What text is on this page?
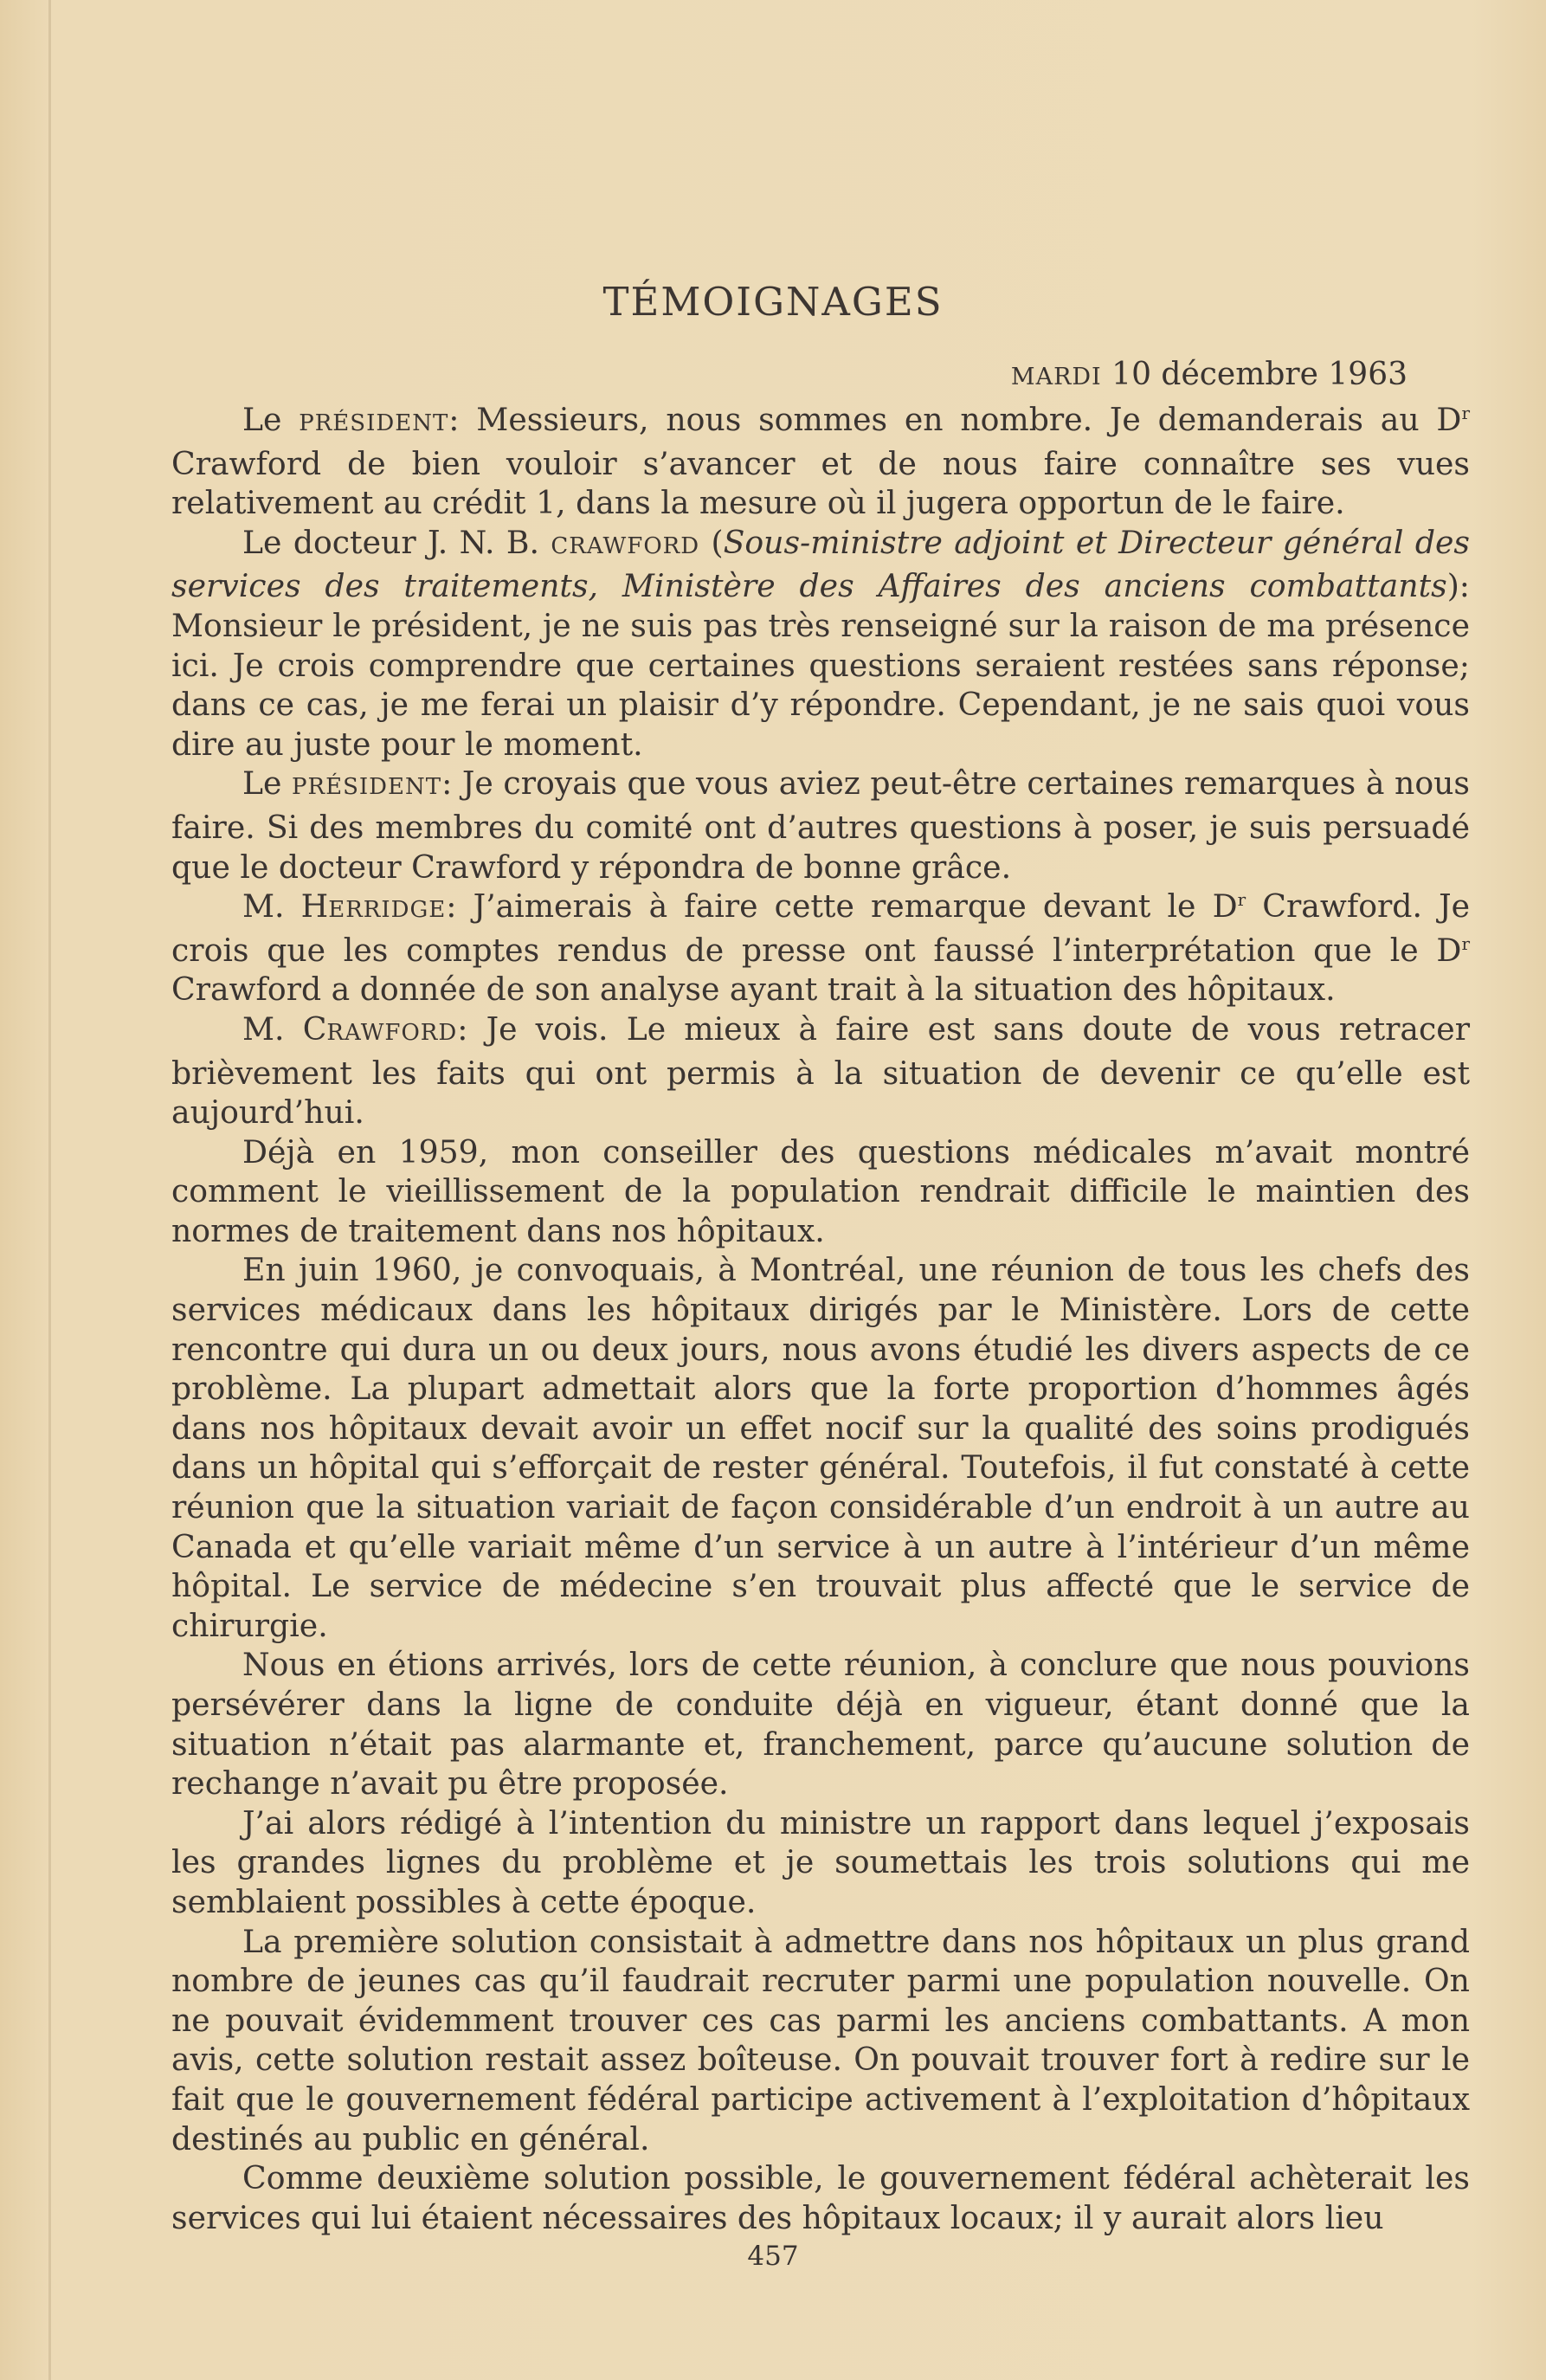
TÉMOIGNAGES
MARDI 10 décembre 1963

Le PRÉSIDENT: Messieurs, nous sommes en nombre. Je demanderais au $D^r$ Crawford de bien vouloir s’avancer et de nous faire connaître ses vues relativement au crédit 1, dans la mesure où il jugera opportun de le faire.

Le docteur J. N. B. CRAWFORD (Sous-ministre adjoint et Directeur général des services des traitements, Ministère des Affaires des anciens combattants): Monsieur le président, je ne suis pas très renseigné sur la raison de ma présence ici. Je crois comprendre que certaines questions seraient restées sans réponse; dans ce cas, je me ferai un plaisir d’y répondre. Cependant, je ne sais quoi vous dire au juste pour le moment.

Le PRÉSIDENT: Je croyais que vous aviez peut-être certaines remarques à nous faire. Si des membres du comité ont d’autres questions à poser, je suis persuadé que le docteur Crawford y répondra de bonne grâce.

M. HERRIDGE: J’aimerais à faire cette remarque devant le $D^r$ Crawford. Je crois que les comptes rendus de presse ont faussé l’interprétation que le $D^r$ Crawford a donnée de son analyse ayant trait à la situation des hôpitaux.

M. CRAWFORD: Je vois. Le mieux à faire est sans doute de vous retracer brièvement les faits qui ont permis à la situation de devenir ce qu’elle est aujourd’hui.

Déjà en 1959, mon conseiller des questions médicales m’avait montré comment le vieillissement de la population rendrait difficile le maintien des normes de traitement dans nos hôpitaux.

En juin 1960, je convoquais, à Montréal, une réunion de tous les chefs des services médicaux dans les hôpitaux dirigés par le Ministère. Lors de cette rencontre qui dura un ou deux jours, nous avons étudié les divers aspects de ce problème. La plupart admettait alors que la forte proportion d’hommes âgés dans nos hôpitaux devait avoir un effet nocif sur la qualité des soins prodigués dans un hôpital qui s’efforçait de rester général. Toutefois, il fut constaté à cette réunion que la situation variait de façon considérable d’un endroit à un autre au Canada et qu’elle variait même d’un service à un autre à l’intérieur d’un même hôpital. Le service de médecine s’en trouvait plus affecté que le service de chirurgie.

Nous en étions arrivés, lors de cette réunion, à conclure que nous pouvions persévérer dans la ligne de conduite déjà en vigueur, étant donné que la situation n’était pas alarmante et, franchement, parce qu’aucune solution de rechange n’avait pu être proposée.

J’ai alors rédigé à l’intention du ministre un rapport dans lequel j’exposais les grandes lignes du problème et je soumettais les trois solutions qui me semblaient possibles à cette époque.

La première solution consistait à admettre dans nos hôpitaux un plus grand nombre de jeunes cas qu’il faudrait recruter parmi une population nouvelle. On ne pouvait évidemment trouver ces cas parmi les anciens combattants. A mon avis, cette solution restait assez boîteuse. On pouvait trouver fort à redire sur le fait que le gouvernement fédéral participe activement à l’exploitation d’hôpitaux destinés au public en général.

Comme deuxième solution possible, le gouvernement fédéral achèterait les services qui lui étaient nécessaires des hôpitaux locaux; il y aurait alors lieu

457
